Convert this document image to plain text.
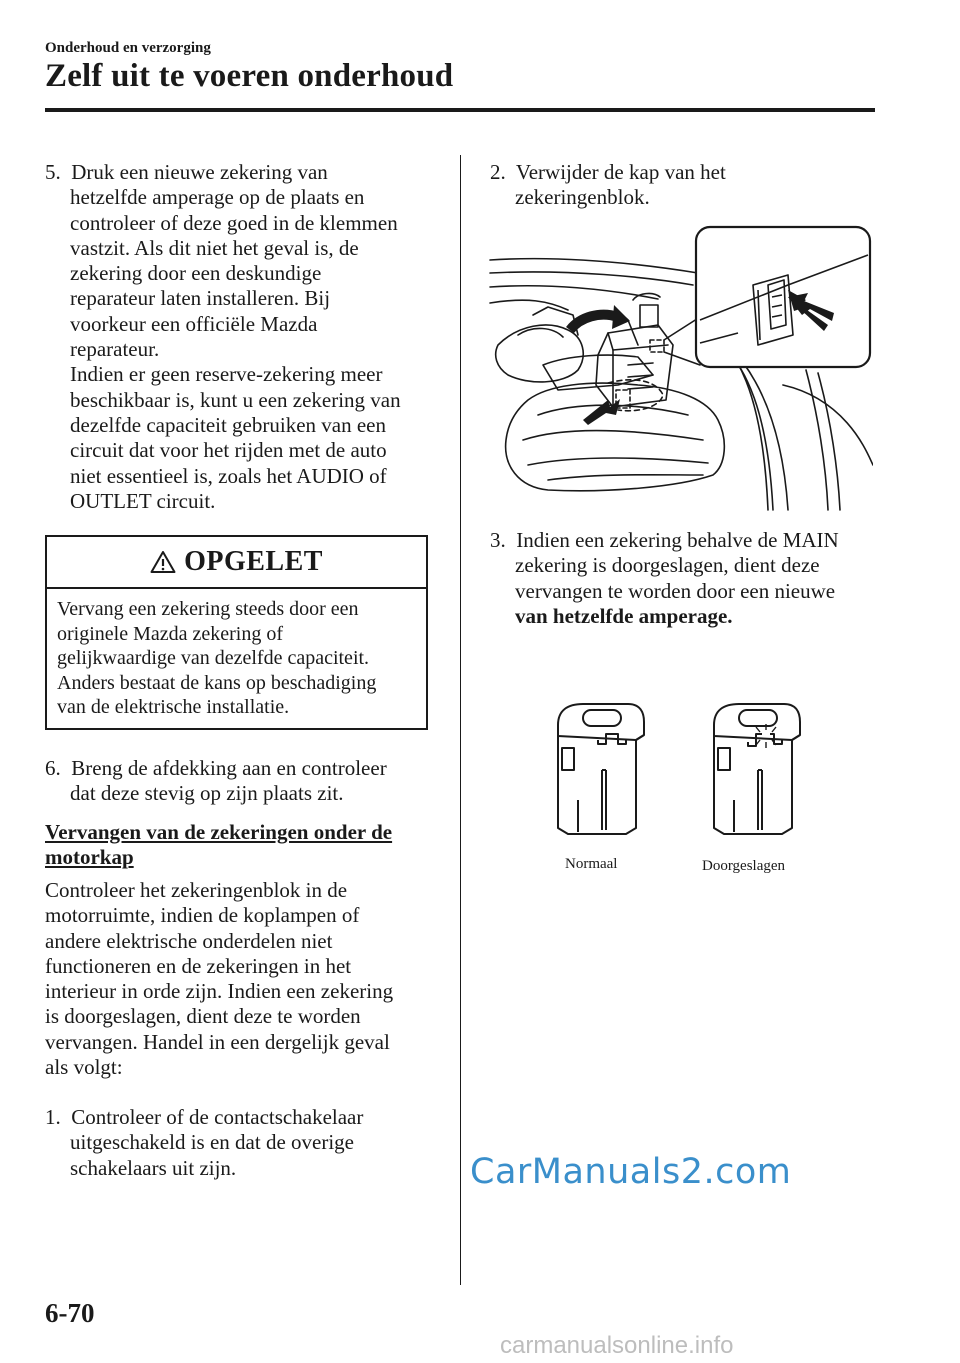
Onderhoud en verzorging
Zelf uit te voeren onderhoud
5. Druk een nieuwe zekering van
hetzelfde amperage op de plaats en
controleer of deze goed in de klemmen
vastzit. Als dit niet het geval is, de
zekering door een deskundige
reparateur laten installeren. Bij
voorkeur een officiële Mazda
reparateur.
Indien er geen reserve-zekering meer
beschikbaar is, kunt u een zekering van
dezelfde capaciteit gebruiken van een
circuit dat voor het rijden met de auto
niet essentieel is, zoals het AUDIO of
OUTLET circuit.
OPGELET
Vervang een zekering steeds door een
originele Mazda zekering of
gelijkwaardige van dezelfde capaciteit.
Anders bestaat de kans op beschadiging
van de elektrische installatie.
6. Breng de afdekking aan en controleer
dat deze stevig op zijn plaats zit.
Vervangen van de zekeringen onder de
motorkap
Controleer het zekeringenblok in de
motorruimte, indien de koplampen of
andere elektrische onderdelen niet
functioneren en de zekeringen in het
interieur in orde zijn. Indien een zekering
is doorgeslagen, dient deze te worden
vervangen. Handel in een dergelijk geval
als volgt:
1. Controleer of de contactschakelaar
uitgeschakeld is en dat de overige
schakelaars uit zijn.
2. Verwijder de kap van het
zekeringenblok.
3. Indien een zekering behalve de MAIN
zekering is doorgeslagen, dient deze
vervangen te worden door een nieuwe
van hetzelfde amperage.
Normaal	Doorgeslagen
CarManuals2.com
6-70
carmanualsonline.info
